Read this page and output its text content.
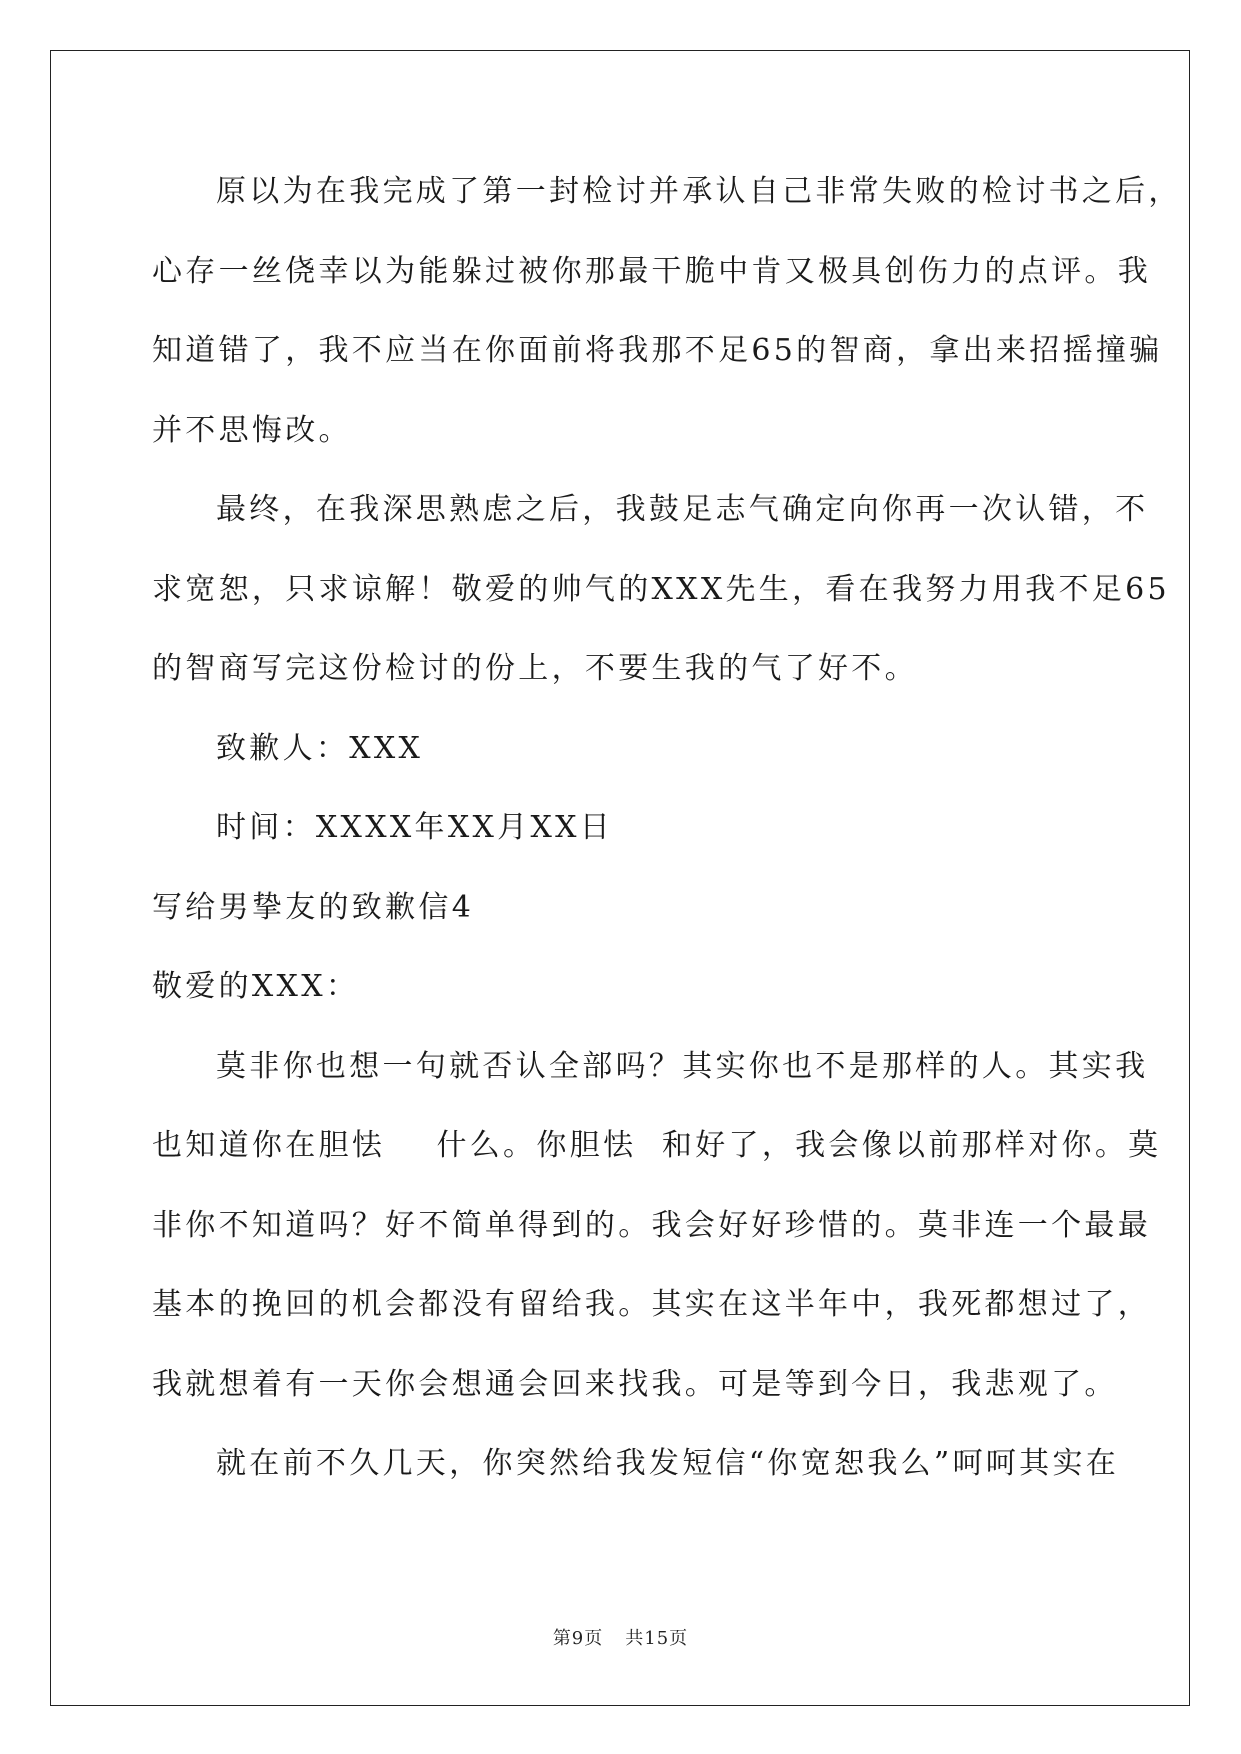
原以为在我完成了第一封检讨并承认自己非常失败的检讨书之后，
心存一丝侥幸以为能躲过被你那最干脆中肯又极具创伤力的点评。我
知道错了，我不应当在你面前将我那不足65的智商，拿出来招摇撞骗
并不思悔改。
最终，在我深思熟虑之后，我鼓足志气确定向你再一次认错，不
求宽恕，只求谅解！敬爱的帅气的XXX先生，看在我努力用我不足65
的智商写完这份检讨的份上，不要生我的气了好不。
致歉人：XXX
时间：XXXX年XX月XX日
写给男挚友的致歉信4
敬爱的XXX：
莫非你也想一句就否认全部吗？其实你也不是那样的人。其实我
也知道你在胆怯    什么。你胆怯  和好了，我会像以前那样对你。莫
非你不知道吗？好不简单得到的。我会好好珍惜的。莫非连一个最最
基本的挽回的机会都没有留给我。其实在这半年中，我死都想过了，
我就想着有一天你会想通会回来找我。可是等到今日，我悲观了。
就在前不久几天，你突然给我发短信“你宽恕我么”呵呵其实在
第9页 共15页
